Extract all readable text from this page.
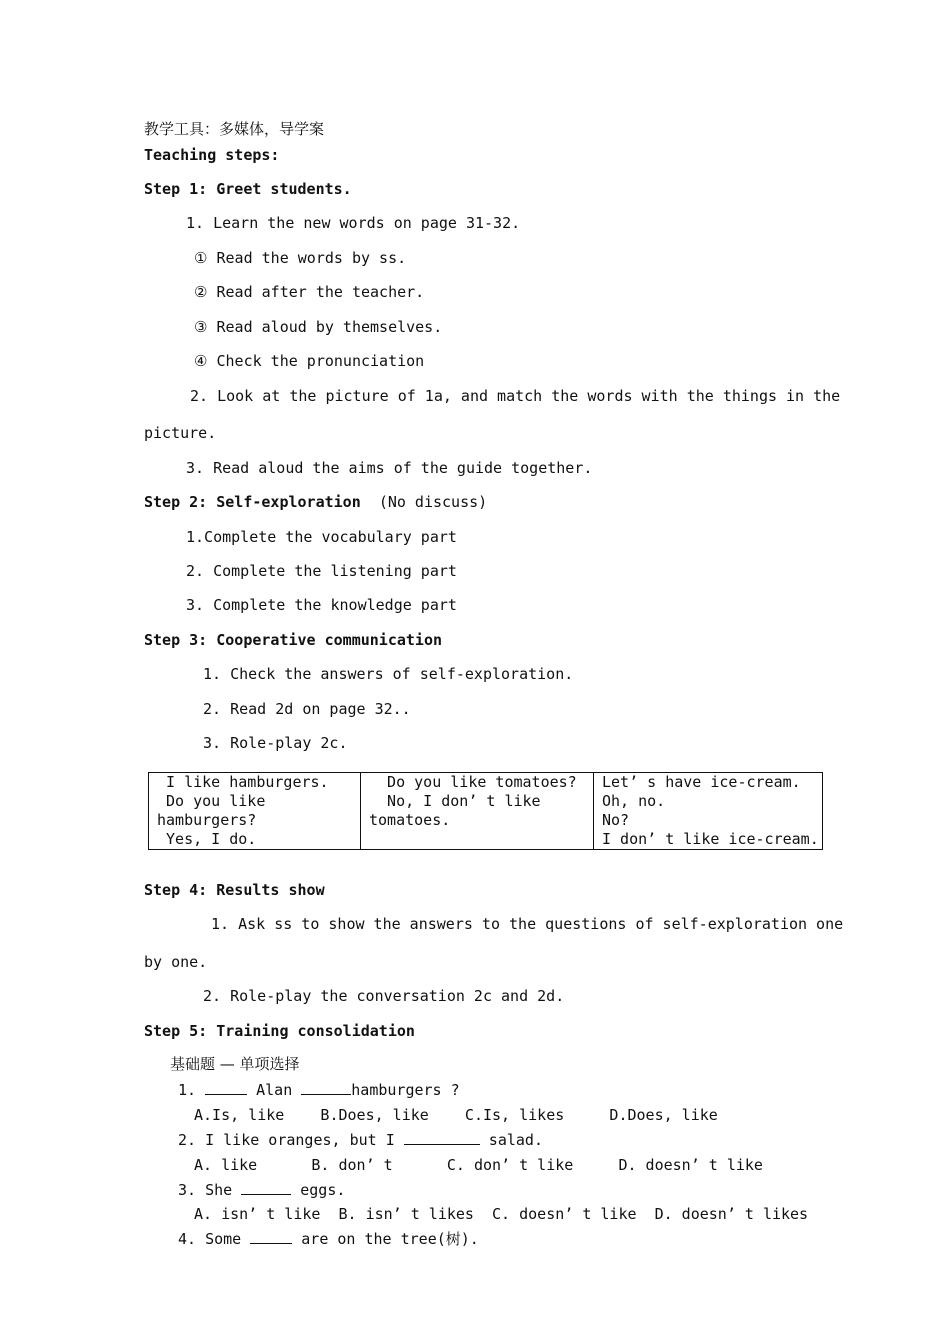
教学工具：多媒体，导学案
Teaching steps:
Step 1: Greet students.
1. Learn the new words on page 31-32.
① Read the words by ss.
② Read after the teacher.
③ Read aloud by themselves.
④ Check the pronunciation
2. Look at the picture of 1a, and match the words with the things in the
picture.
3. Read aloud the aims of the guide together.
Step 2: Self-exploration (No discuss)
1.Complete the vocabulary part
2. Complete the listening part
3. Complete the knowledge part
Step 3: Cooperative communication
1. Check the answers of self-exploration.
2. Read 2d on page 32..
3. Role-play 2c.
I like hamburgers.
Do you like
hamburgers?
Yes, I do.

Do you like tomatoes?
No, I don’ t like
tomatoes.

Let’ s have ice-cream.
Oh, no.
No?
I don’ t like ice-cream.
Step 4: Results show
1. Ask ss to show the answers to the questions of self-exploration one
by one.
2. Role-play the conversation 2c and 2d.
Step 5: Training consolidation
基础题 — 单项选择
1.	Alan	hamburgers ?
A.Is, like    B.Does, like    C.Is, likes     D.Does, like
2. I like oranges, but I	salad.
A. like      B. don’ t      C. don’ t like     D. doesn’ t like
3. She	eggs.
A. isn’ t like  B. isn’ t likes  C. doesn’ t like  D. doesn’ t likes
4. Some	are on the tree(树).
